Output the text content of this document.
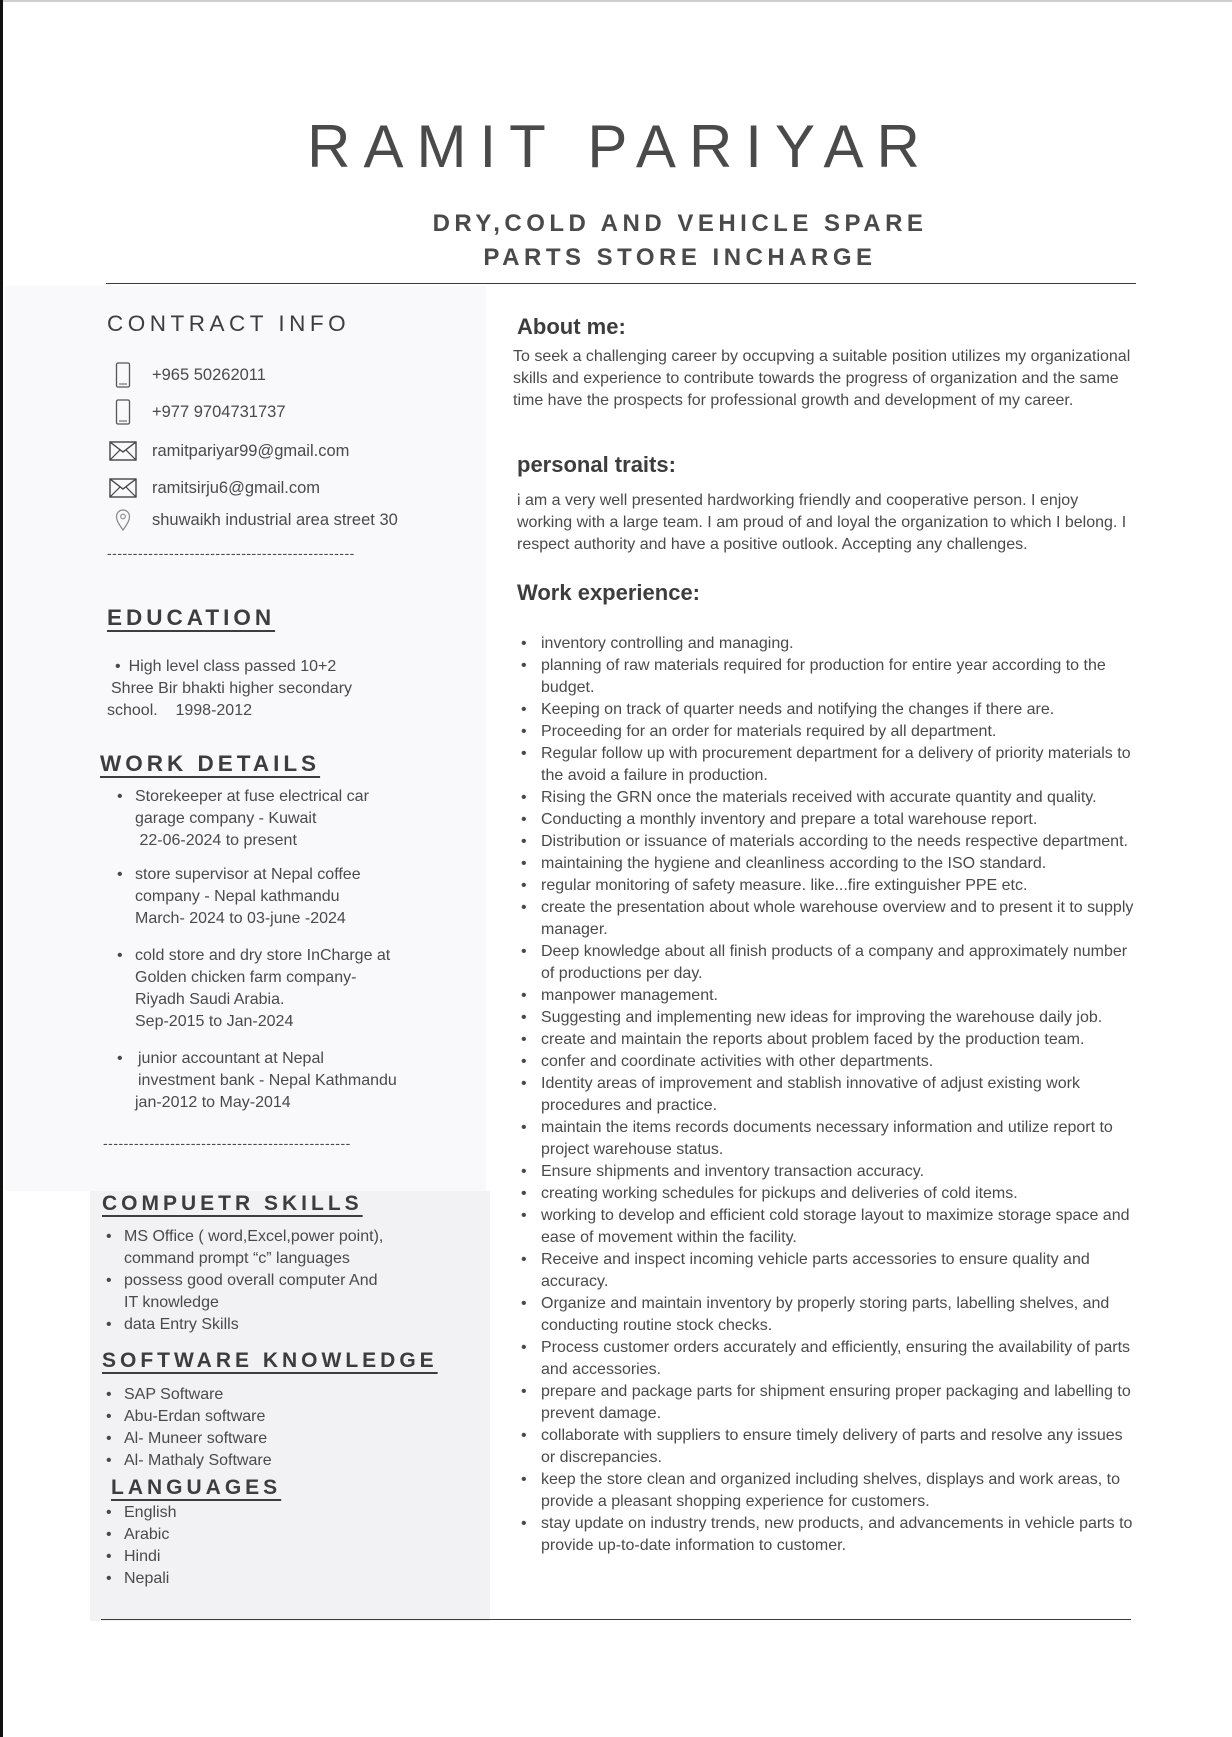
RAMIT PARIYAR
DRY,COLD AND VEHICLE SPARE
PARTS STORE INCHARGE
CONTRACT INFO
+965 50262011
+977 9704731737
ramitpariyar99@gmail.com
ramitsirju6@gmail.com
shuwaikh industrial area street 30
------------------------------------------------
EDUCATION
• High level class passed 10+2
Shree Bir bhakti higher secondary
school.    1998-2012
WORK DETAILS
• Storekeeper at fuse electrical car
garage company - Kuwait
22-06-2024 to present
• store supervisor at Nepal coffee
company - Nepal kathmandu
March- 2024 to 03-june -2024
• cold store and dry store InCharge at
Golden chicken farm company-
Riyadh Saudi Arabia.
Sep-2015 to Jan-2024
• junior accountant at Nepal
investment bank - Nepal Kathmandu
jan-2012 to May-2014
------------------------------------------------
COMPUETR SKILLS
• MS Office ( word,Excel,power point),
command prompt “c” languages
• possess good overall computer And
IT knowledge
• data Entry Skills
SOFTWARE KNOWLEDGE
• SAP Software
• Abu-Erdan software
• Al- Muneer software
• Al- Mathaly Software
LANGUAGES
• English
• Arabic
• Hindi
• Nepali
About me:
To seek a challenging career by occupving a suitable position utilizes my organizational skills and experience to contribute towards the progress of organization and the same time have the prospects for professional growth and development of my career.
personal traits:
i am a very well presented hardworking friendly and cooperative person. I enjoy working with a large team. I am proud of and loyal the organization to which I belong. I respect authority and have a positive outlook. Accepting any challenges.
Work experience:
• inventory controlling and managing.
• planning of raw materials required for production for entire year according to the budget.
• Keeping on track of quarter needs and notifying the changes if there are.
• Proceeding for an order for materials required by all department.
• Regular follow up with procurement department for a delivery of priority materials to the avoid a failure in production.
• Rising the GRN once the materials received with accurate quantity and quality.
• Conducting a monthly inventory and prepare a total warehouse report.
• Distribution or issuance of materials according to the needs respective department.
• maintaining the hygiene and cleanliness according to the ISO standard.
• regular monitoring of safety measure. like...fire extinguisher PPE etc.
• create the presentation about whole warehouse overview and to present it to supply manager.
• Deep knowledge about all finish products of a company and approximately number of productions per day.
• manpower management.
• Suggesting and implementing new ideas for improving the warehouse daily job.
• create and maintain the reports about problem faced by the production team.
• confer and coordinate activities with other departments.
• Identity areas of improvement and stablish innovative of adjust existing work procedures and practice.
• maintain the items records documents necessary information and utilize report to project warehouse status.
• Ensure shipments and inventory transaction accuracy.
• creating working schedules for pickups and deliveries of cold items.
• working to develop and efficient cold storage layout to maximize storage space and ease of movement within the facility.
• Receive and inspect incoming vehicle parts accessories to ensure quality and accuracy.
• Organize and maintain inventory by properly storing parts, labelling shelves, and conducting routine stock checks.
• Process customer orders accurately and efficiently, ensuring the availability of parts and accessories.
• prepare and package parts for shipment ensuring proper packaging and labelling to prevent damage.
• collaborate with suppliers to ensure timely delivery of parts and resolve any issues or discrepancies.
• keep the store clean and organized including shelves, displays and work areas, to provide a pleasant shopping experience for customers.
• stay update on industry trends, new products, and advancements in vehicle parts to provide up-to-date information to customer.
